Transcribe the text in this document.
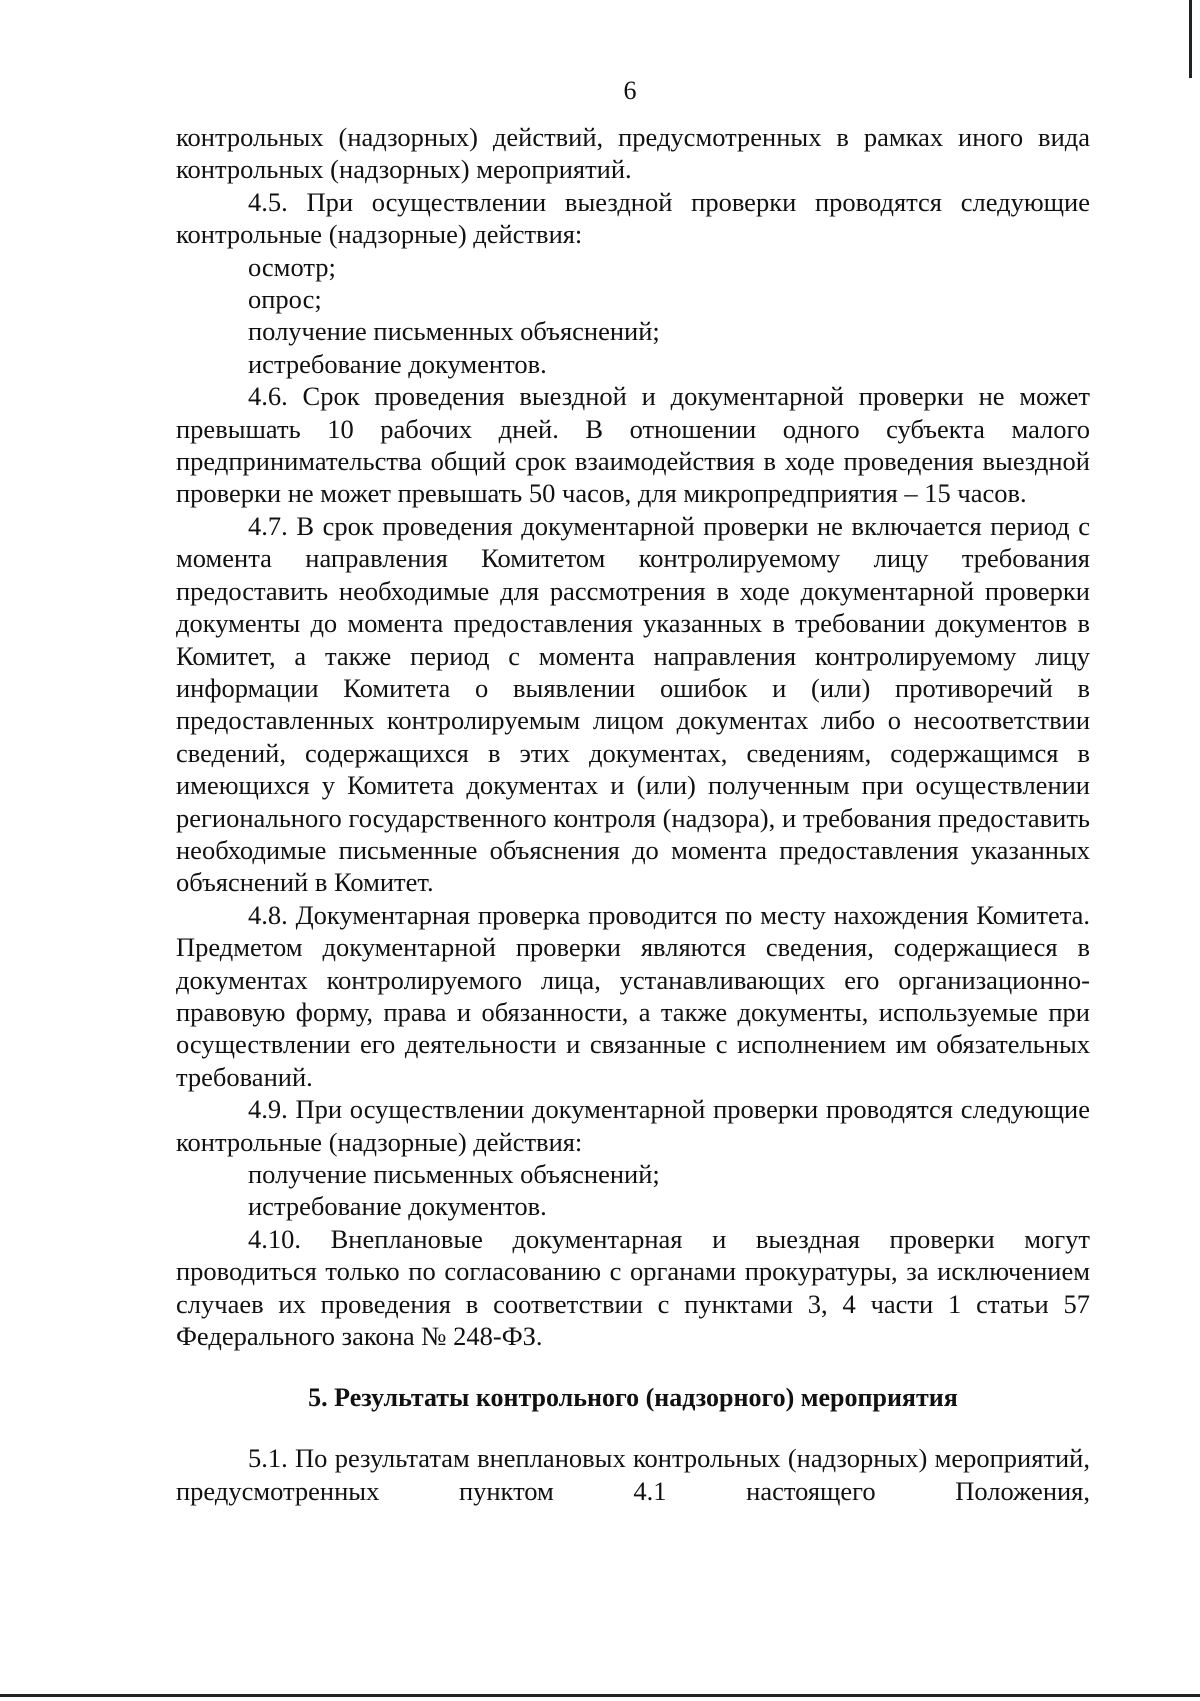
6

контрольных (надзорных) действий, предусмотренных в рамках иного вида контрольных (надзорных) мероприятий.

4.5. При осуществлении выездной проверки проводятся следующие контрольные (надзорные) действия:

осмотр;

опрос;

получение письменных объяснений;

истребование документов.

4.6. Срок проведения выездной и документарной проверки не может превышать 10 рабочих дней. В отношении одного субъекта малого предпринимательства общий срок взаимодействия в ходе проведения выездной проверки не может превышать 50 часов, для микропредприятия – 15 часов.

4.7. В срок проведения документарной проверки не включается период с момента направления Комитетом контролируемому лицу требования предоставить необходимые для рассмотрения в ходе документарной проверки документы до момента предоставления указанных в требовании документов в Комитет, а также период с момента направления контролируемому лицу информации Комитета о выявлении ошибок и (или) противоречий в предоставленных контролируемым лицом документах либо о несоответствии сведений, содержащихся в этих документах, сведениям, содержащимся в имеющихся у Комитета документах и (или) полученным при осуществлении регионального государственного контроля (надзора), и требования предоставить необходимые письменные объяснения до момента предоставления указанных объяснений в Комитет.

4.8. Документарная проверка проводится по месту нахождения Комитета. Предметом документарной проверки являются сведения, содержащиеся в документах контролируемого лица, устанавливающих его организационно-правовую форму, права и обязанности, а также документы, используемые при осуществлении его деятельности и связанные с исполнением им обязательных требований.

4.9. При осуществлении документарной проверки проводятся следующие контрольные (надзорные) действия:

получение письменных объяснений;

истребование документов.

4.10. Внеплановые документарная и выездная проверки могут проводиться только по согласованию с органами прокуратуры, за исключением случаев их проведения в соответствии с пунктами 3, 4 части 1 статьи 57 Федерального закона № 248-ФЗ.

5. Результаты контрольного (надзорного) мероприятия

5.1. По результатам внеплановых контрольных (надзорных) мероприятий, предусмотренных пунктом 4.1 настоящего Положения,
